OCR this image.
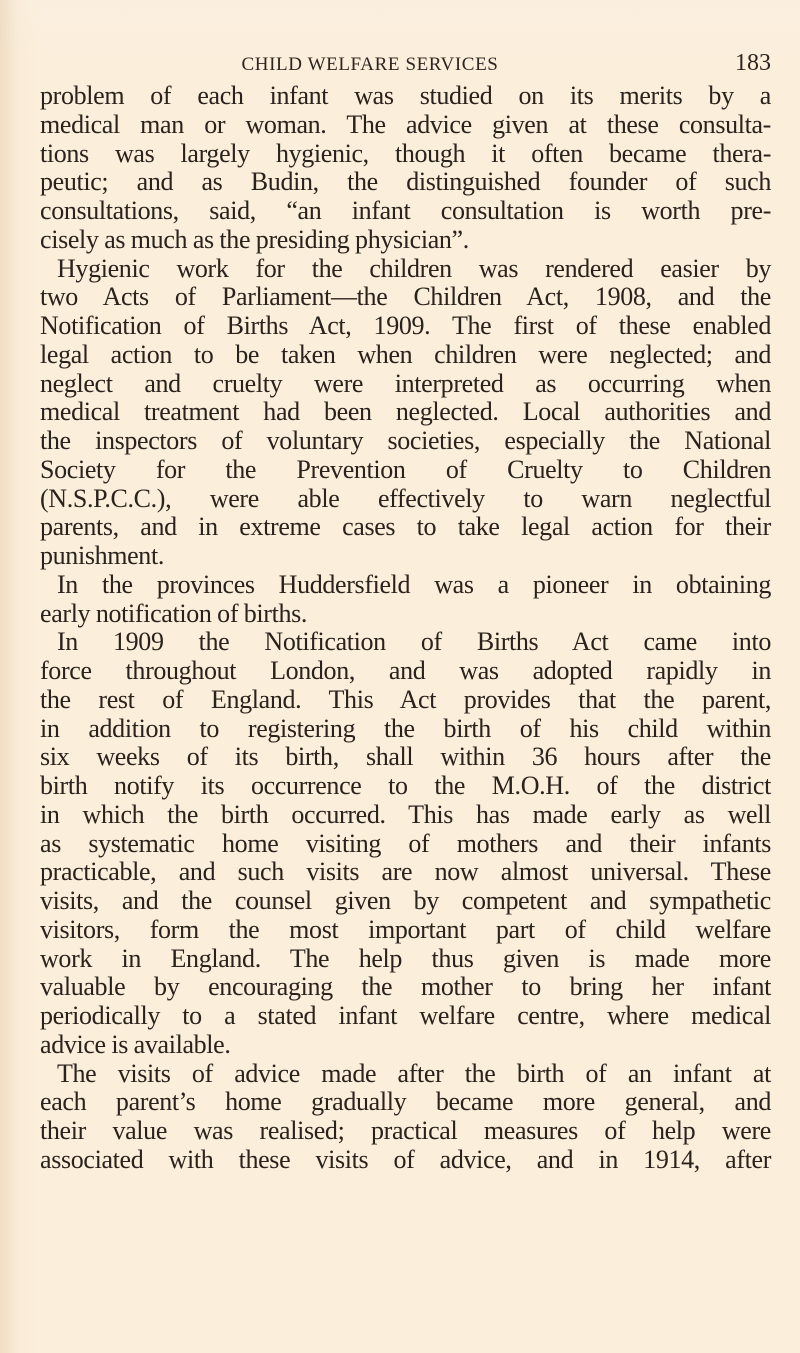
CHILD WELFARE SERVICES	183

problem of each infant was studied on its merits by a
medical man or woman. The advice given at these consulta-
tions was largely hygienic, though it often became thera-
peutic; and as Budin, the distinguished founder of such
consultations, said, “an infant consultation is worth pre-
cisely as much as the presiding physician”.

Hygienic work for the children was rendered easier by
two Acts of Parliament—the Children Act, 1908, and the
Notification of Births Act, 1909. The first of these enabled
legal action to be taken when children were neglected; and
neglect and cruelty were interpreted as occurring when
medical treatment had been neglected. Local authorities and
the inspectors of voluntary societies, especially the National
Society for the Prevention of Cruelty to Children
(N.S.P.C.C.), were able effectively to warn neglectful
parents, and in extreme cases to take legal action for their
punishment.

In the provinces Huddersfield was a pioneer in obtaining
early notification of births.

In 1909 the Notification of Births Act came into
force throughout London, and was adopted rapidly in
the rest of England. This Act provides that the parent,
in addition to registering the birth of his child within
six weeks of its birth, shall within 36 hours after the
birth notify its occurrence to the M.O.H. of the district
in which the birth occurred. This has made early as well
as systematic home visiting of mothers and their infants
practicable, and such visits are now almost universal. These
visits, and the counsel given by competent and sympathetic
visitors, form the most important part of child welfare
work in England. The help thus given is made more
valuable by encouraging the mother to bring her infant
periodically to a stated infant welfare centre, where medical
advice is available.

The visits of advice made after the birth of an infant at
each parent’s home gradually became more general, and
their value was realised; practical measures of help were
associated with these visits of advice, and in 1914, after
